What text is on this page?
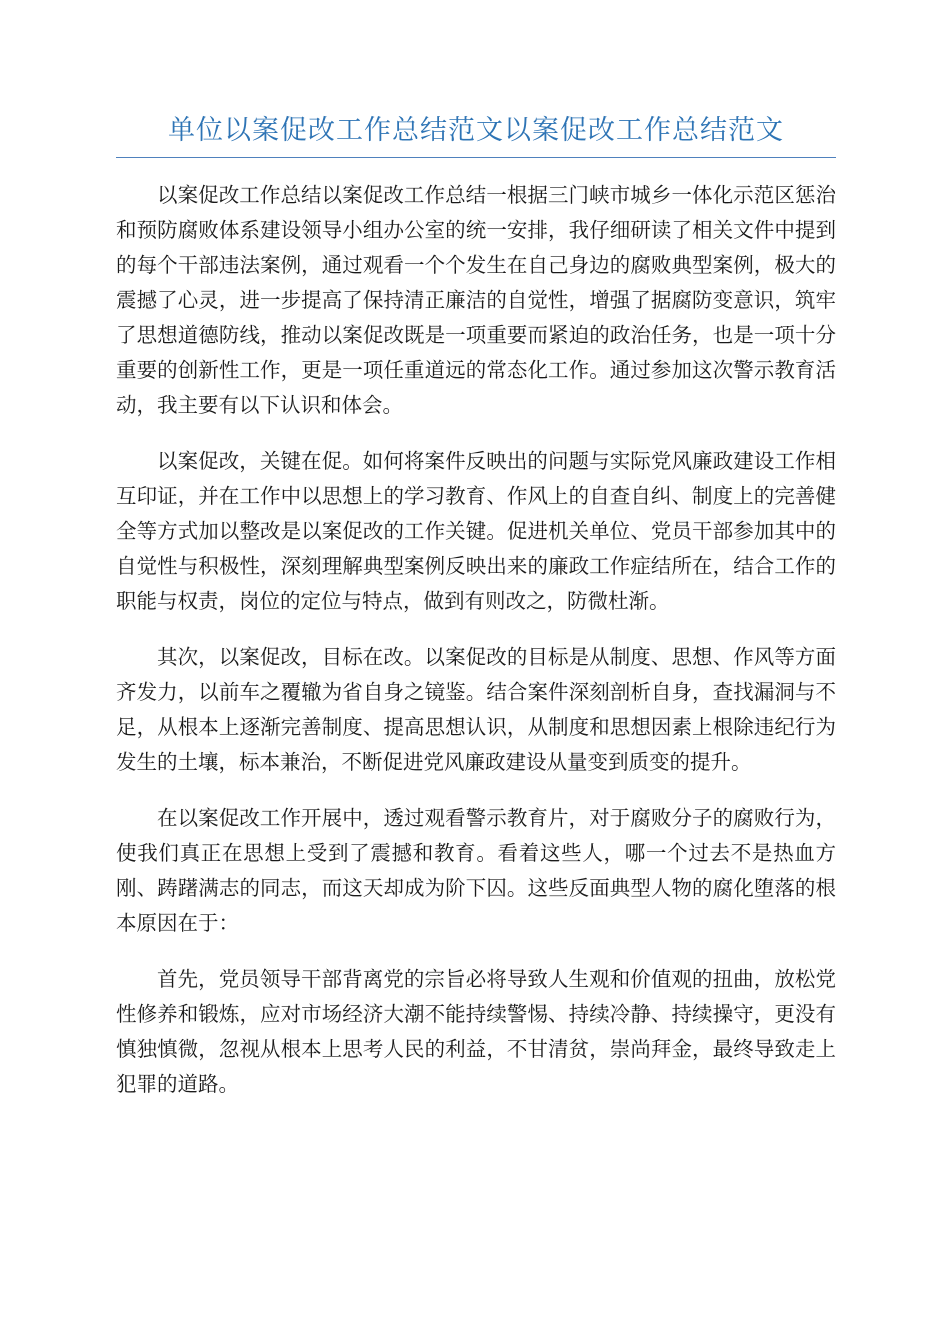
单位以案促改工作总结范文以案促改工作总结范文

以案促改工作总结以案促改工作总结一根据三门峡市城乡一体化示范区惩治和预防腐败体系建设领导小组办公室的统一安排，我仔细研读了相关文件中提到的每个干部违法案例，通过观看一个个发生在自己身边的腐败典型案例，极大的震撼了心灵，进一步提高了保持清正廉洁的自觉性，增强了据腐防变意识，筑牢了思想道德防线，推动以案促改既是一项重要而紧迫的政治任务，也是一项十分重要的创新性工作，更是一项任重道远的常态化工作。通过参加这次警示教育活动，我主要有以下认识和体会。

以案促改，关键在促。如何将案件反映出的问题与实际党风廉政建设工作相互印证，并在工作中以思想上的学习教育、作风上的自查自纠、制度上的完善健全等方式加以整改是以案促改的工作关键。促进机关单位、党员干部参加其中的自觉性与积极性，深刻理解典型案例反映出来的廉政工作症结所在，结合工作的职能与权责，岗位的定位与特点，做到有则改之，防微杜渐。

其次，以案促改，目标在改。以案促改的目标是从制度、思想、作风等方面齐发力，以前车之覆辙为省自身之镜鉴。结合案件深刻剖析自身，查找漏洞与不足，从根本上逐渐完善制度、提高思想认识，从制度和思想因素上根除违纪行为发生的土壤，标本兼治，不断促进党风廉政建设从量变到质变的提升。

在以案促改工作开展中，透过观看警示教育片，对于腐败分子的腐败行为，使我们真正在思想上受到了震撼和教育。看着这些人，哪一个过去不是热血方刚、踌躇满志的同志，而这天却成为阶下囚。这些反面典型人物的腐化堕落的根本原因在于：

首先，党员领导干部背离党的宗旨必将导致人生观和价值观的扭曲，放松党性修养和锻炼，应对市场经济大潮不能持续警惕、持续冷静、持续操守，更没有慎独慎微，忽视从根本上思考人民的利益，不甘清贫，崇尚拜金，最终导致走上犯罪的道路。
